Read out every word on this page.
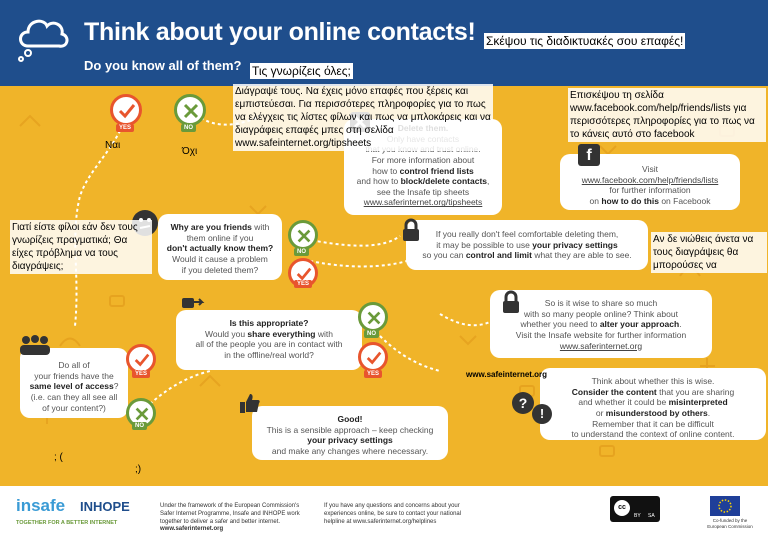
Think about your online contacts!
Do you know all of them?
Σκέψου τις διαδικτυακές σου επαφές!
Τις γνωρίζεις όλες;
YES	NO
For more information about
how to control friend lists
and how to block/delete contacts,
see the Insafe tip sheets
www.saferinternet.org/tipsheets
Visit
www.facebook.com/help/friends/lists
for further information
on how to do this on Facebook
f
Why are you friends with
them online if you
don't actually know them?
Would it cause a problem
if you deleted them?
NO
YES
If you really don't feel comfortable deleting them,
it may be possible to use your privacy settings
so you can control and limit what they are able to see.
So is it wise to share so much
with so many people online? Think about
whether you need to alter your approach.
Visit the Insafe website for further information
www.saferinternet.org
Is this appropriate?
Would you share everything with
all of the people you are in contact with
in the offline/real world?
NO
YES
Do all of
your friends have the
same level of access?
(i.e. can they all see all
of your content?)
YES
NO
Think about whether this is wise.
Consider the content that you are sharing
and whether it could be misinterpreted
or misunderstood by others.
Remember that it can be difficult
to understand the context of online content.
?
!
Good!
This is a sensible approach – keep checking
your privacy settings
and make any changes where necessary.
Διάγραψέ τους. Να έχεις μόνο επαφές που ξέρεις και εμπιστεύεσαι. Για περισσότερες πληροφορίες για το πως να ελέγχεις τις λίστες φίλων και πως να μπλοκάρεις και να διαγράφεις επαφές μπες στη σελίδα www.safeinternet.org/tipsheets
Επισκέψου τη σελίδα www.facebook.com/help/friends/lists για περισσότερες πληροφορίες για το πως να το κάνεις αυτό στο facebook
Ναι
Όχι
Γιατί είστε φίλοι εάν δεν τους γνωρίζεις πραγματικά; Θα είχες πρόβλημα να τους διαγράψεις;
Αν δε νιώθεις άνετα να τους διαγράψεις θα μπορούσες να
www.safeinternet.org
; (
;)
insafe INHOPE
TOGETHER FOR A BETTER INTERNET
Under the framework of the European Commission's
Safer Internet Programme, Insafe and INHOPE work
together to deliver a safer and better internet.
www.saferinternet.org
If you have any questions and concerns about your
experiences online, be sure to contact your national
helpline at www.saferinternet.org/helplines
cc
BY SA
Co-funded by the
European Commission
